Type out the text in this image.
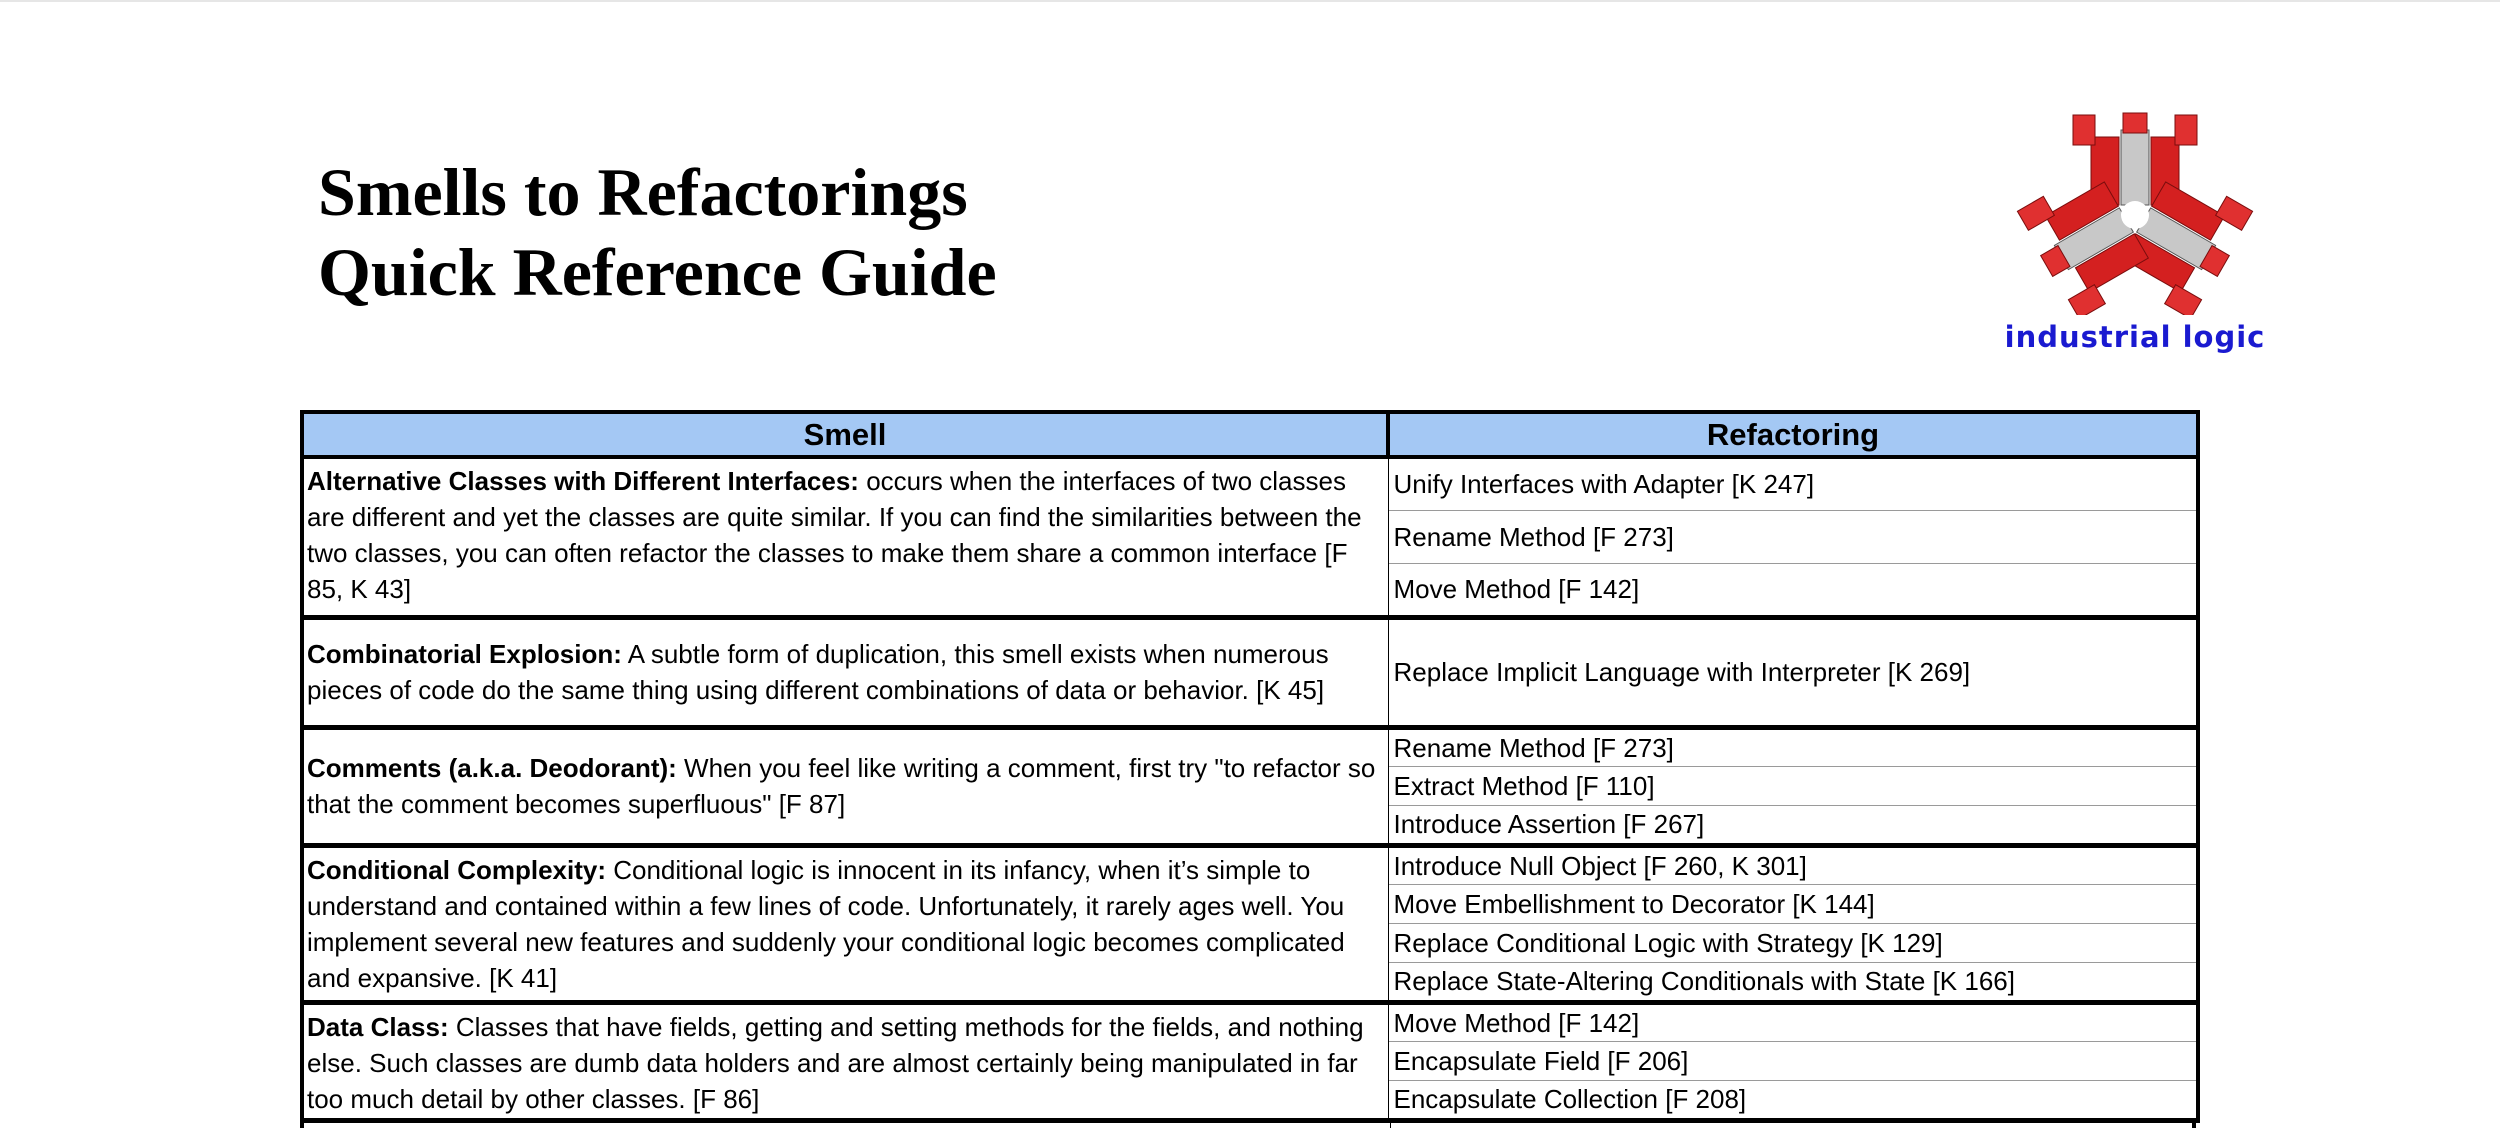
Smells to Refactorings
Quick Reference Guide
industrial logic
Smell	Refactoring
Alternative Classes with Different Interfaces: occurs when the interfaces of two classes are different and yet the classes are quite similar. If you can find the similarities between the two classes, you can often refactor the classes to make them share a common interface [F 85, K 43]	Unify Interfaces with Adapter [K 247]
	Rename Method [F 273]
	Move Method [F 142]
Combinatorial Explosion: A subtle form of duplication, this smell exists when numerous pieces of code do the same thing using different combinations of data or behavior. [K 45]	Replace Implicit Language with Interpreter [K 269]
Comments (a.k.a. Deodorant): When you feel like writing a comment, first try "to refactor so that the comment becomes superfluous" [F 87]	Rename Method [F 273]
	Extract Method [F 110]
	Introduce Assertion [F 267]
Conditional Complexity: Conditional logic is innocent in its infancy, when it’s simple to understand and contained within a few lines of code. Unfortunately, it rarely ages well. You implement several new features and suddenly your conditional logic becomes complicated and expansive. [K 41]	Introduce Null Object [F 260, K 301]
	Move Embellishment to Decorator [K 144]
	Replace Conditional Logic with Strategy [K 129]
	Replace State-Altering Conditionals with State [K 166]
Data Class: Classes that have fields, getting and setting methods for the fields, and nothing else. Such classes are dumb data holders and are almost certainly being manipulated in far too much detail by other classes. [F 86]	Move Method [F 142]
	Encapsulate Field [F 206]
	Encapsulate Collection [F 208]
